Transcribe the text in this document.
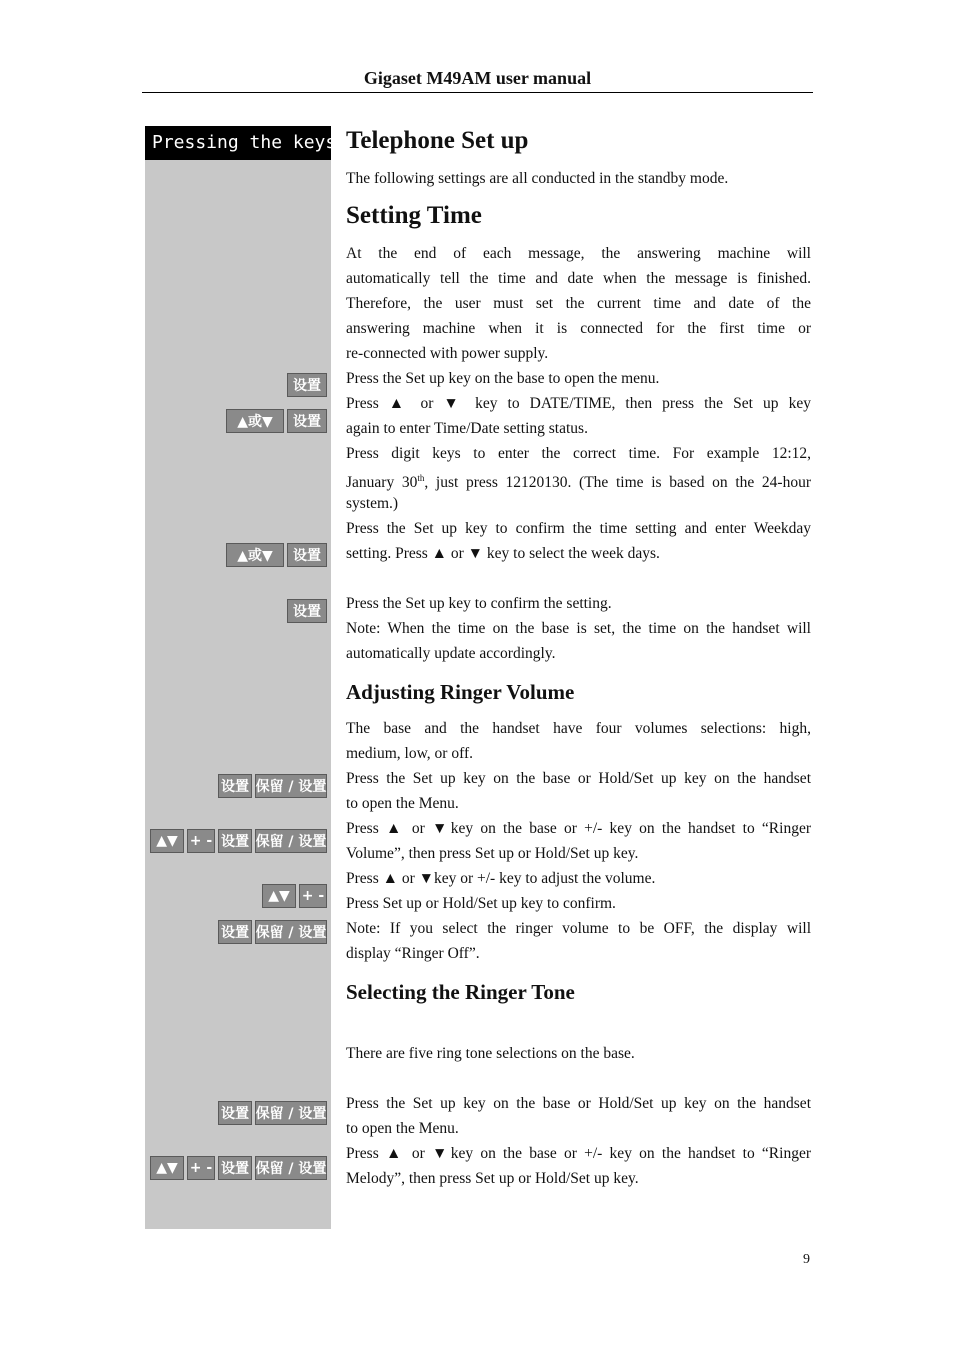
Gigaset M49AM user manual
Pressing the keys:
设置
▲或▼	设置
▲或▼	设置
设置
设置 保留 / 设置
▲▼ + - 设置 保留 / 设置
▲▼ + -
设置 保留 / 设置
设置 保留 / 设置
▲▼ + - 设置 保留 / 设置
Telephone Set up

The following settings are all conducted in the standby mode.

Setting Time

At the end of each message, the answering machine will
automatically tell the time and date when the message is finished.
Therefore, the user must set the current time and date of the
answering machine when it is connected for the first time or
re-connected with power supply.

Press the Set up key on the base to open the menu.

Press ▲ or ▼ key to DATE/TIME, then press the Set up key
again to enter Time/Date setting status.

Press digit keys to enter the correct time. For example 12:12,
January 30th, just press 12120130. (The time is based on the 24-hour
system.)

Press the Set up key to confirm the time setting and enter Weekday
setting. Press ▲ or ▼ key to select the week days.

Press the Set up key to confirm the setting.

Note: When the time on the base is set, the time on the handset will
automatically update accordingly.

Adjusting Ringer Volume

The base and the handset have four volumes selections: high,
medium, low, or off.

Press the Set up key on the base or Hold/Set up key on the handset
to open the Menu.

Press ▲ or ▼key on the base or +/- key on the handset to “Ringer
Volume”, then press Set up or Hold/Set up key.

Press ▲ or ▼key or +/- key to adjust the volume.

Press Set up or Hold/Set up key to confirm.

Note: If you select the ringer volume to be OFF, the display will
display “Ringer Off”.

Selecting the Ringer Tone

There are five ring tone selections on the base.

Press the Set up key on the base or Hold/Set up key on the handset
to open the Menu.

Press ▲ or ▼key on the base or +/- key on the handset to “Ringer
Melody”, then press Set up or Hold/Set up key.

9
